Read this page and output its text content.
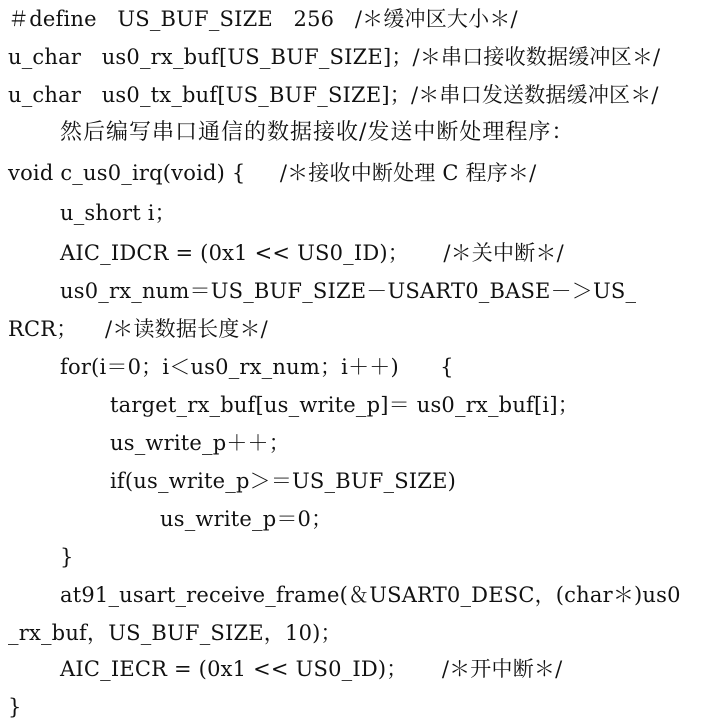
＃define   US_BUF_SIZE   256   /＊缓冲区大小＊/
u_char   us0_rx_buf[US_BUF_SIZE]；/＊串口接收数据缓冲区＊/
u_char   us0_tx_buf[US_BUF_SIZE]；/＊串口发送数据缓冲区＊/
然后编写串口通信的数据接收/发送中断处理程序：
void c_us0_irq(void) {     /＊接收中断处理 C 程序＊/
u_short i；
AIC_IDCR = (0x1 << US0_ID)；     /＊关中断＊/
us0_rx_num＝US_BUF_SIZE－USART0_BASE－＞US_
RCR；    /＊读数据长度＊/
for(i＝0；i＜us0_rx_num；i＋＋)      {
target_rx_buf[us_write_p]＝ us0_rx_buf[i]；
us_write_p＋＋；
if(us_write_p＞＝US_BUF_SIZE)
us_write_p＝0；
}
at91_usart_receive_frame(＆USART0_DESC，(char＊)us0
_rx_buf，US_BUF_SIZE，10)；
AIC_IECR = (0x1 << US0_ID)；     /＊开中断＊/
}
